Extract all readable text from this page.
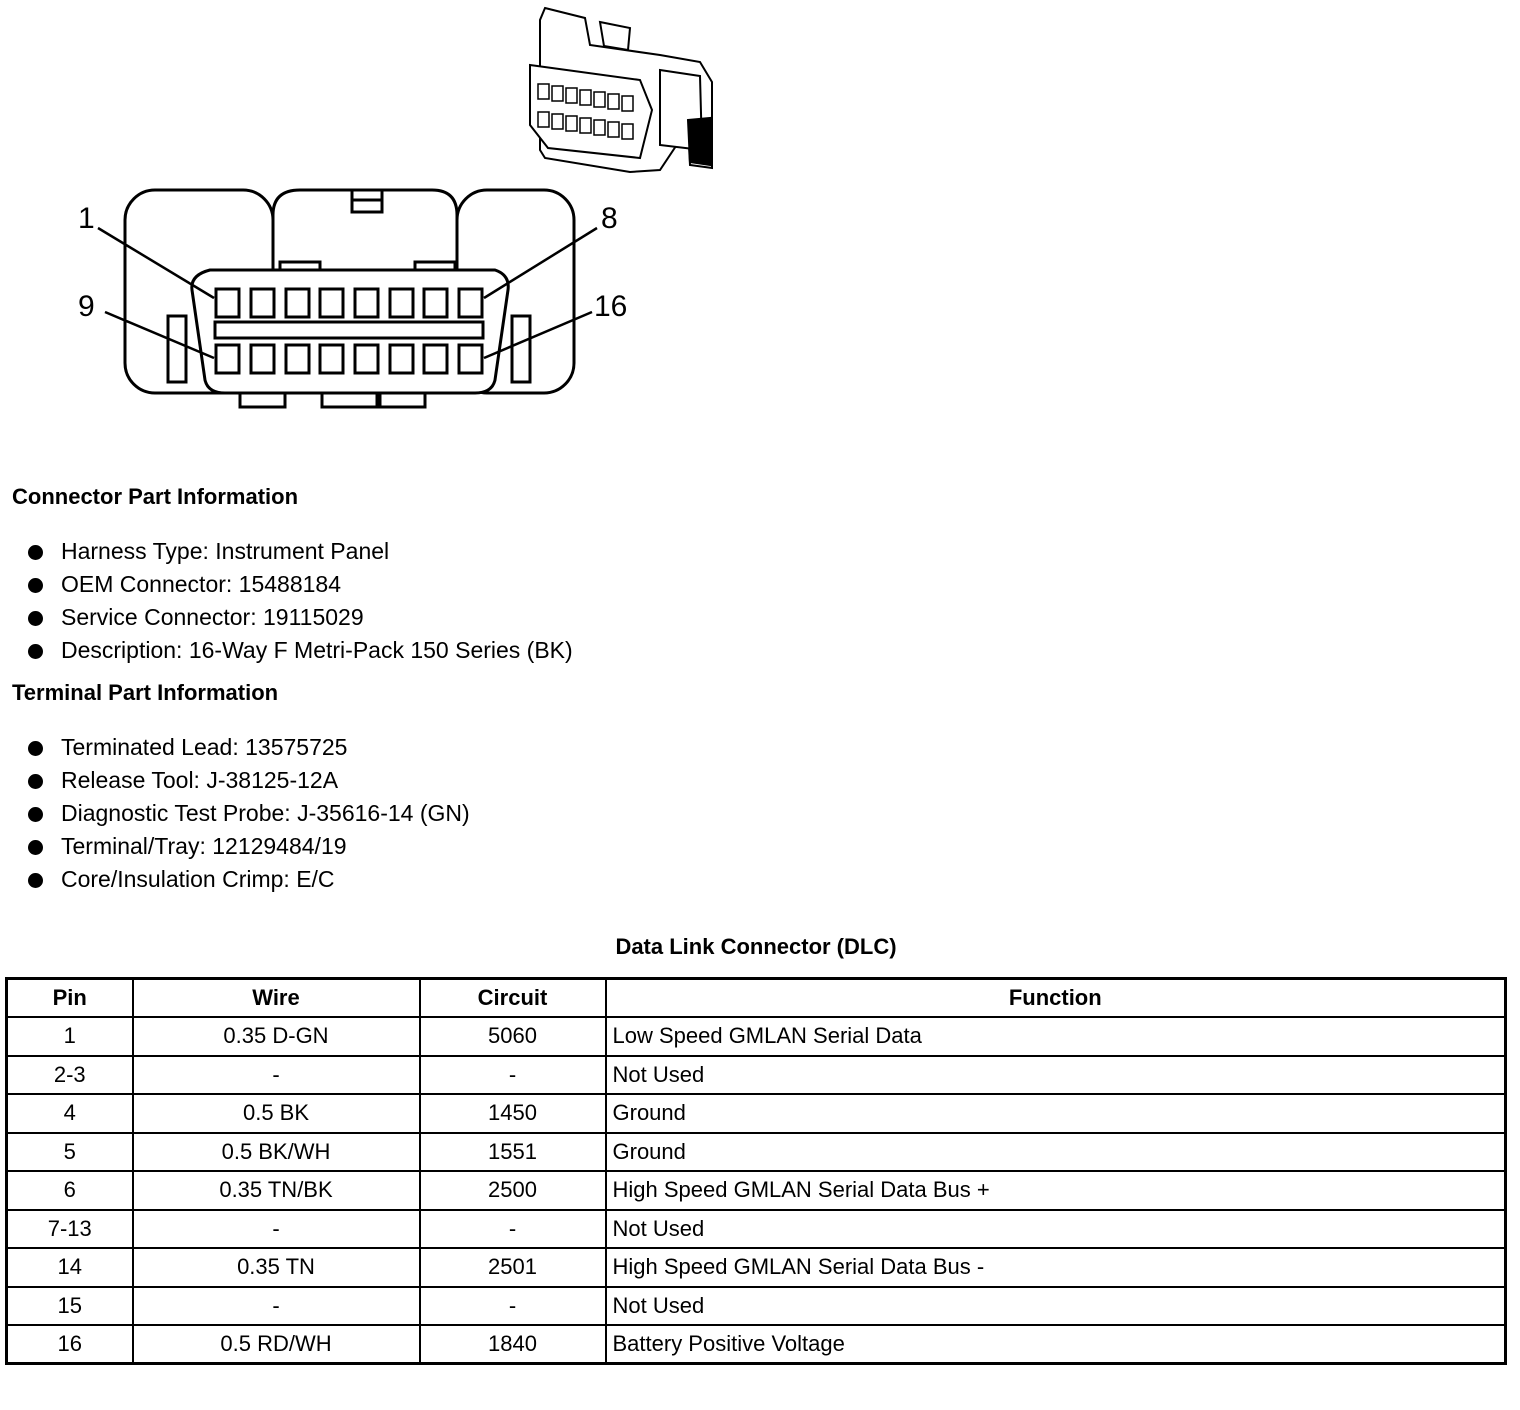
1	8
9	16
Connector Part Information
Harness Type: Instrument Panel
OEM Connector: 15488184
Service Connector: 19115029
Description: 16-Way F Metri-Pack 150 Series (BK)
Terminal Part Information
Terminated Lead: 13575725
Release Tool: J-38125-12A
Diagnostic Test Probe: J-35616-14 (GN)
Terminal/Tray: 12129484/19
Core/Insulation Crimp: E/C
Data Link Connector (DLC)
Pin	Wire	Circuit	Function
1	0.35 D-GN	5060	Low Speed GMLAN Serial Data
2-3	-	-	Not Used
4	0.5 BK	1450	Ground
5	0.5 BK/WH	1551	Ground
6	0.35 TN/BK	2500	High Speed GMLAN Serial Data Bus +
7-13	-	-	Not Used
14	0.35 TN	2501	High Speed GMLAN Serial Data Bus -
15	-	-	Not Used
16	0.5 RD/WH	1840	Battery Positive Voltage
